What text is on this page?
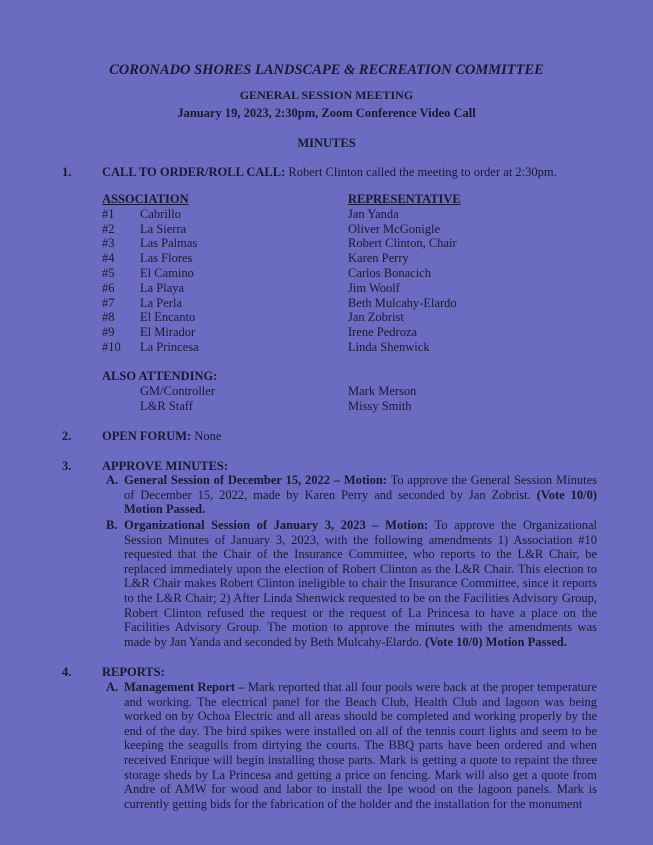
CORONADO SHORES LANDSCAPE & RECREATION COMMITTEE
GENERAL SESSION MEETING
January 19, 2023, 2:30pm, Zoom Conference Video Call
MINUTES
1. CALL TO ORDER/ROLL CALL: Robert Clinton called the meeting to order at 2:30pm.
ASSOCIATION	REPRESENTATIVE
#1 Cabrillo	Jan Yanda
#2 La Sierra	Oliver McGonigle
#3 Las Palmas	Robert Clinton, Chair
#4 Las Flores	Karen Perry
#5 El Camino	Carlos Bonacich
#6 La Playa	Jim Woolf
#7 La Perla	Beth Mulcahy-Elardo
#8 El Encanto	Jan Zobrist
#9 El Mirador	Irene Pedroza
#10 La Princesa	Linda Shenwick
ALSO ATTENDING:
GM/Controller	Mark Merson
L&R Staff	Missy Smith
2. OPEN FORUM: None
3. APPROVE MINUTES:
A. General Session of December 15, 2022 – Motion: To approve the General Session Minutes of December 15, 2022, made by Karen Perry and seconded by Jan Zobrist. (Vote 10/0) Motion Passed.
B. Organizational Session of January 3, 2023 – Motion: To approve the Organizational Session Minutes of January 3, 2023, with the following amendments 1) Association #10 requested that the Chair of the Insurance Committee, who reports to the L&R Chair, be replaced immediately upon the election of Robert Clinton as the L&R Chair. This election to L&R Chair makes Robert Clinton ineligible to chair the Insurance Committee, since it reports to the L&R Chair; 2) After Linda Shenwick requested to be on the Facilities Advisory Group, Robert Clinton refused the request or the request of La Princesa to have a place on the Facilities Advisory Group. The motion to approve the minutes with the amendments was made by Jan Yanda and seconded by Beth Mulcahy-Elardo. (Vote 10/0) Motion Passed.
4. REPORTS:
A. Management Report – Mark reported that all four pools were back at the proper temperature and working. The electrical panel for the Beach Club, Health Club and lagoon was being worked on by Ochoa Electric and all areas should be completed and working properly by the end of the day. The bird spikes were installed on all of the tennis court lights and seem to be keeping the seagulls from dirtying the courts. The BBQ parts have been ordered and when received Enrique will begin installing those parts. Mark is getting a quote to repaint the three storage sheds by La Princesa and getting a price on fencing. Mark will also get a quote from Andre of AMW for wood and labor to install the Ipe wood on the lagoon panels. Mark is currently getting bids for the fabrication of the holder and the installation for the monument
